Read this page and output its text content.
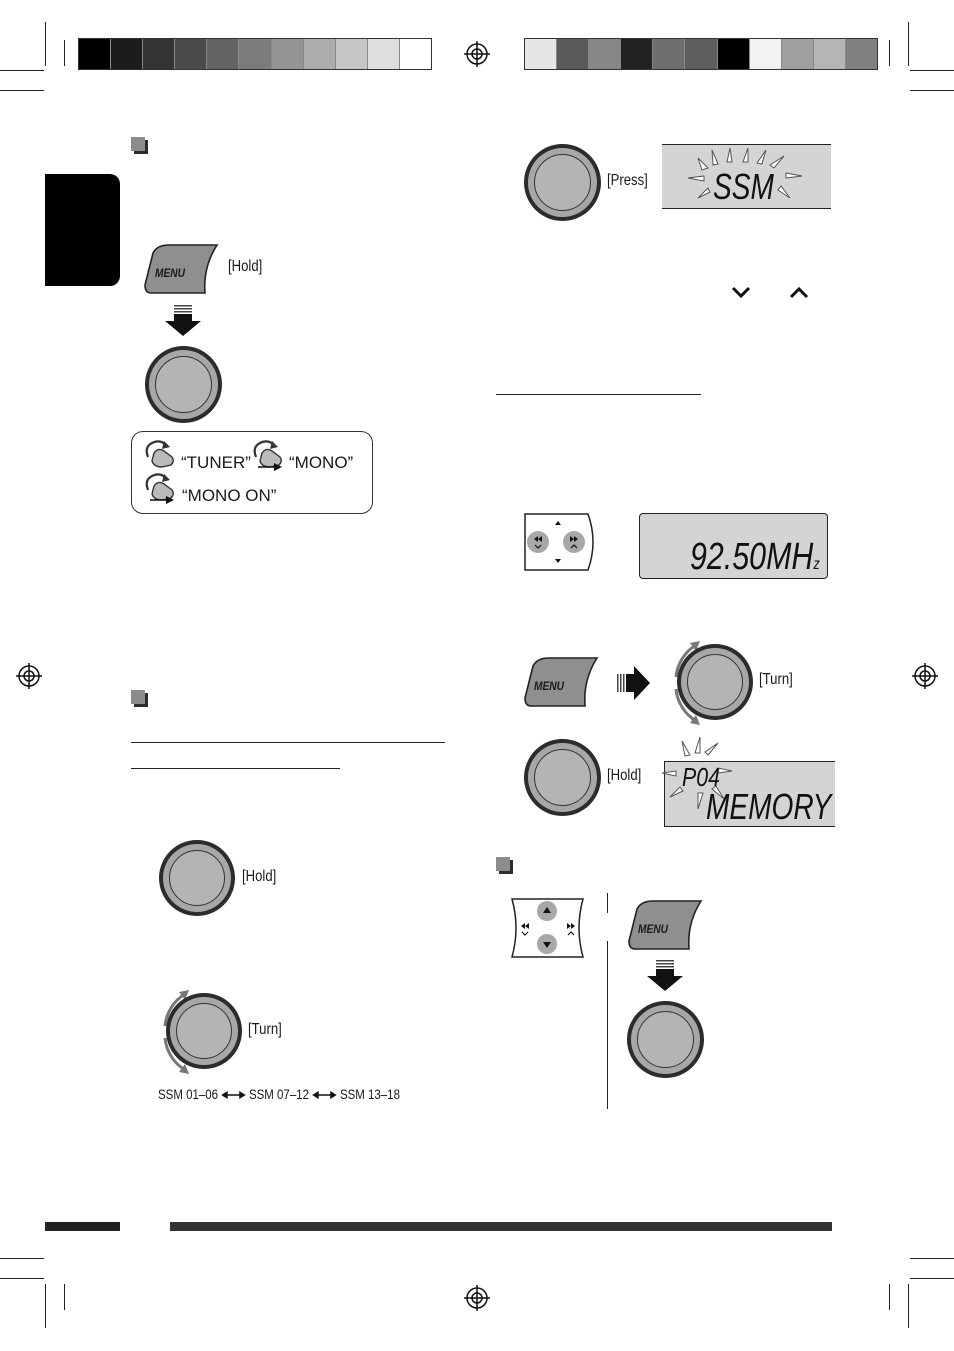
MENU	[Hold]
“TUNER” “MONO”
“MONO ON”
[Hold]
[Turn]
SSM 01–06 SSM 07–12 SSM 13–18
[Press] SSM
92.50MHz
MENU	[Turn]
[Hold] P04
MEMORY
MENU
